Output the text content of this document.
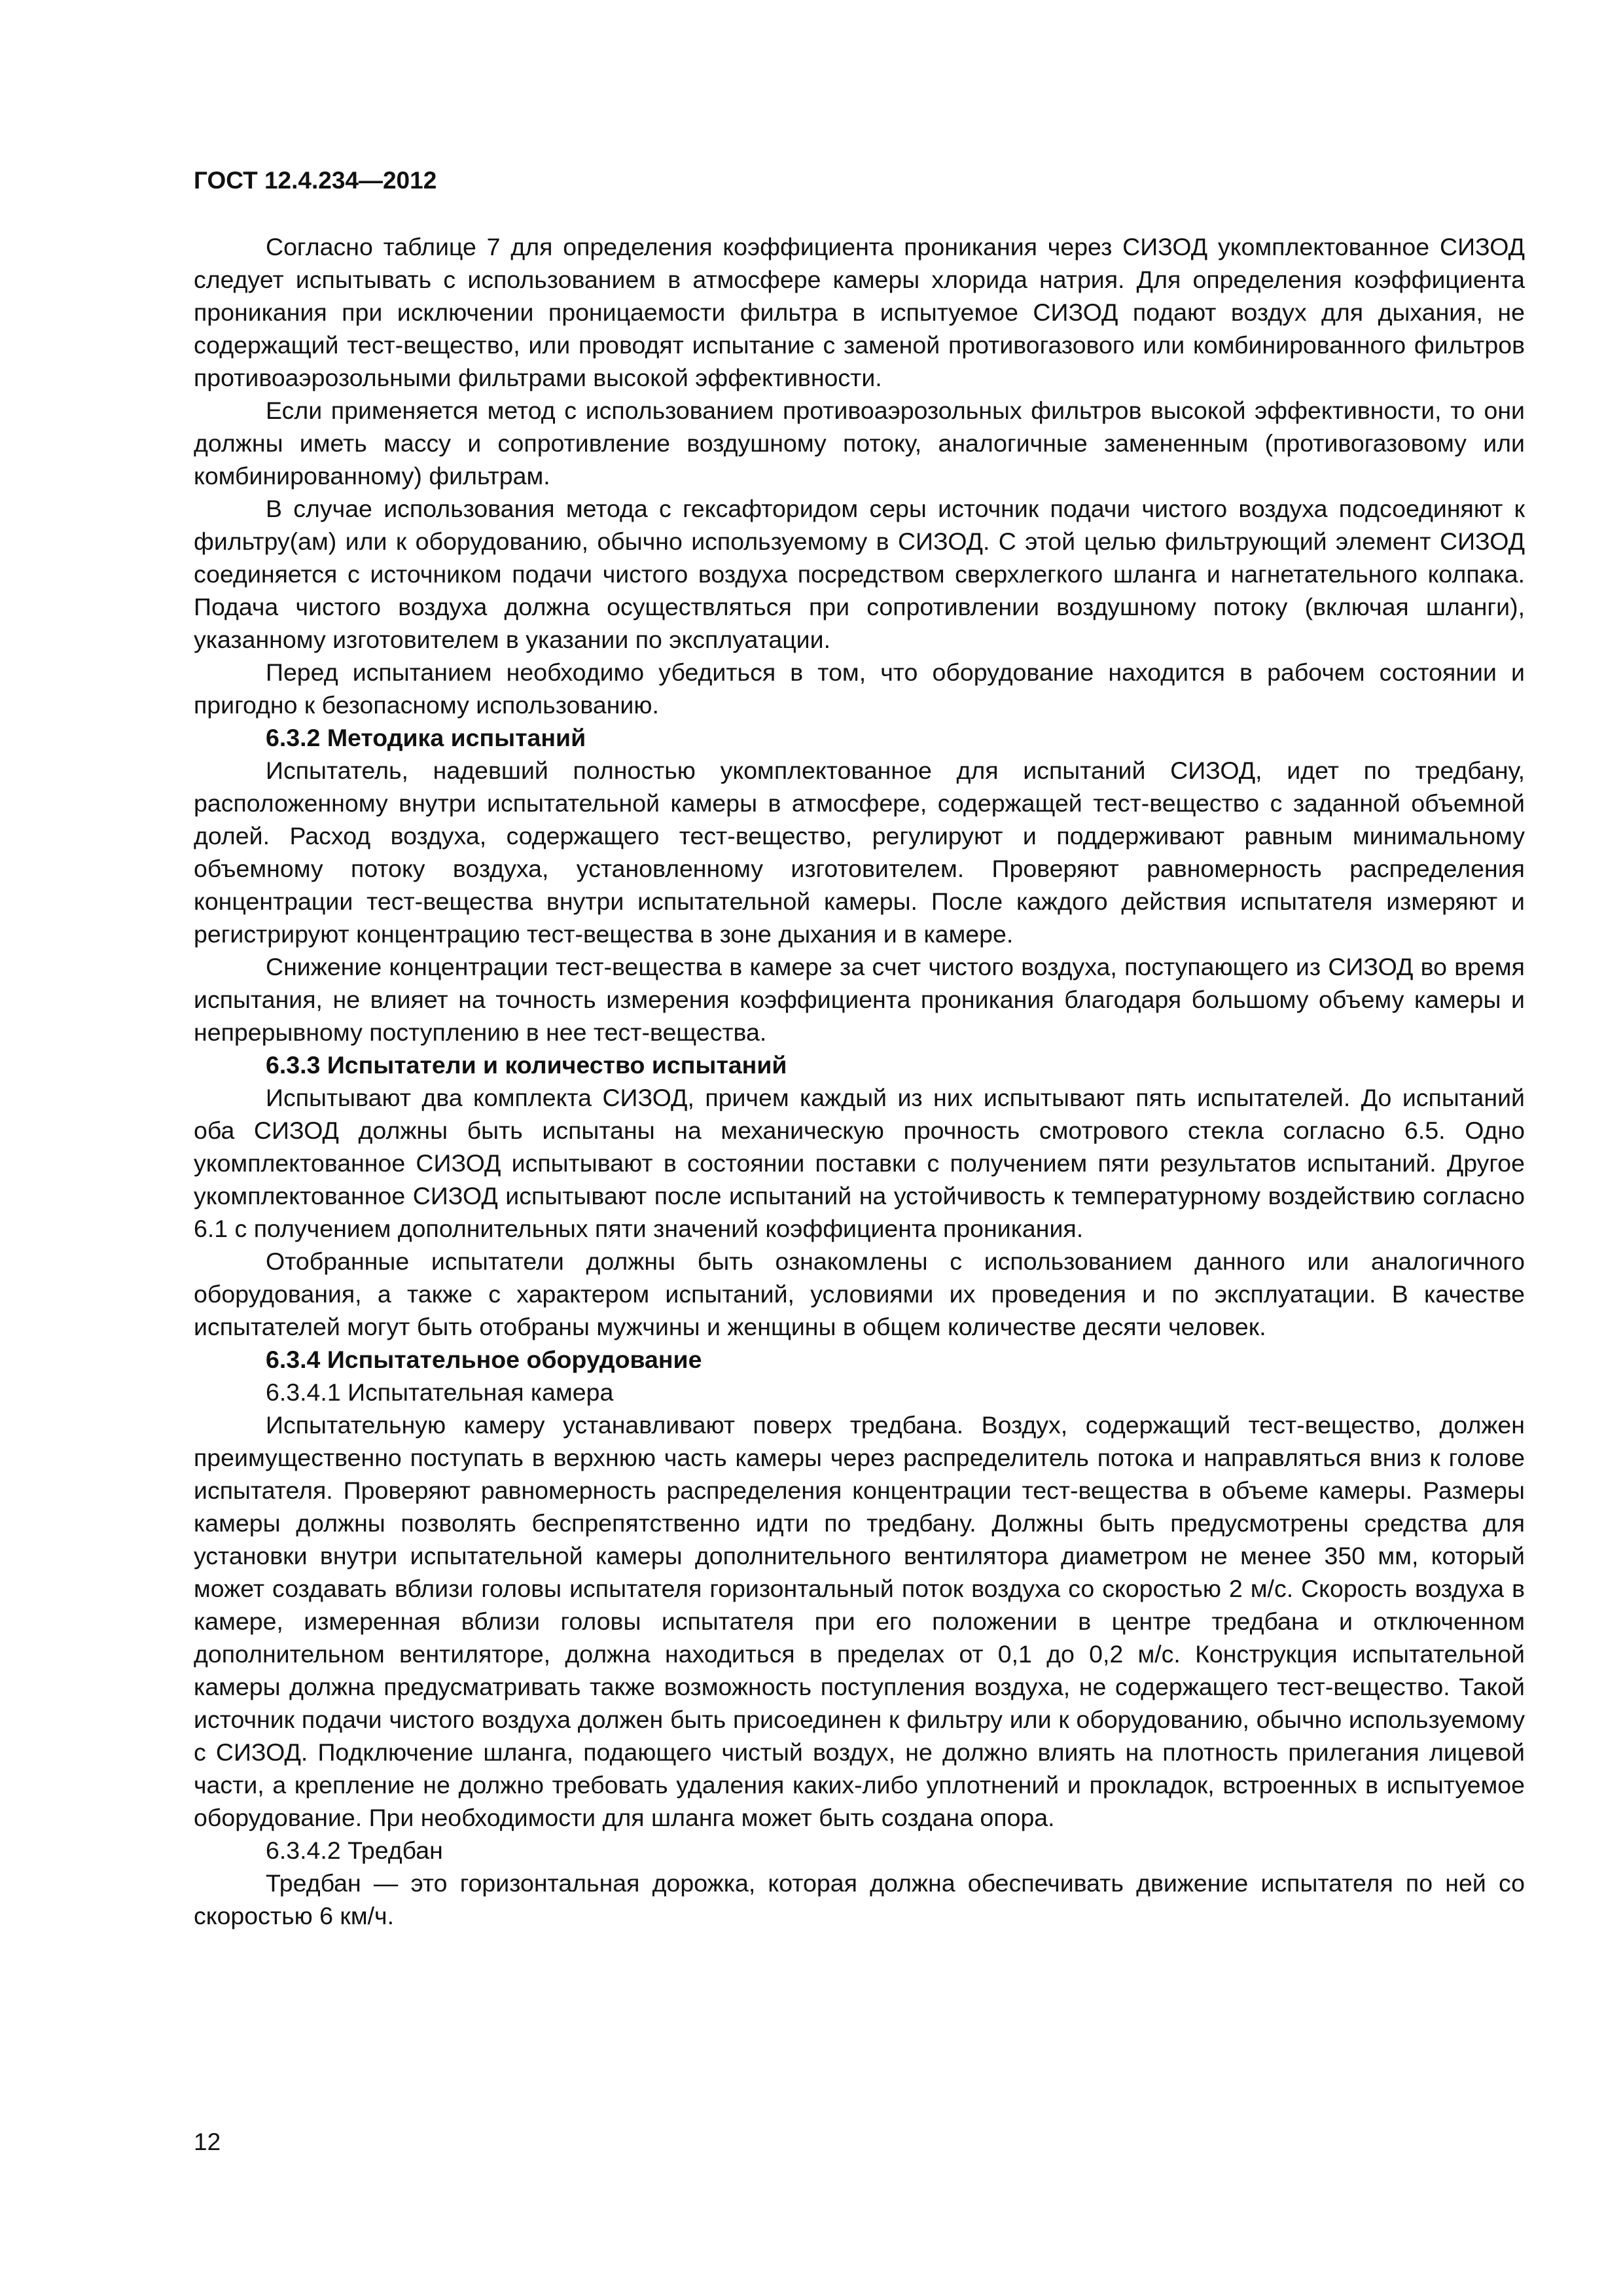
ГОСТ 12.4.234—2012

Согласно таблице 7 для определения коэффициента проникания через СИЗОД укомплектованное СИЗОД следует испытывать с использованием в атмосфере камеры хлорида натрия. Для определения коэффициента проникания при исключении проницаемости фильтра в испытуемое СИЗОД подают воздух для дыхания, не содержащий тест-вещество, или проводят испытание с заменой противогазового или комбинированного фильтров противоаэрозольными фильтрами высокой эффективности.

Если применяется метод с использованием противоаэрозольных фильтров высокой эффективности, то они должны иметь массу и сопротивление воздушному потоку, аналогичные замененным (противогазовому или комбинированному) фильтрам.

В случае использования метода с гексафторидом серы источник подачи чистого воздуха подсоединяют к фильтру(ам) или к оборудованию, обычно используемому в СИЗОД. С этой целью фильтрующий элемент СИЗОД соединяется с источником подачи чистого воздуха посредством сверхлегкого шланга и нагнетательного колпака. Подача чистого воздуха должна осуществляться при сопротивлении воздушному потоку (включая шланги), указанному изготовителем в указании по эксплуатации.

Перед испытанием необходимо убедиться в том, что оборудование находится в рабочем состоянии и пригодно к безопасному использованию.

6.3.2 Методика испытаний

Испытатель, надевший полностью укомплектованное для испытаний СИЗОД, идет по тредбану, расположенному внутри испытательной камеры в атмосфере, содержащей тест-вещество с заданной объемной долей. Расход воздуха, содержащего тест-вещество, регулируют и поддерживают равным минимальному объемному потоку воздуха, установленному изготовителем. Проверяют равномерность распределения концентрации тест-вещества внутри испытательной камеры. После каждого действия испытателя измеряют и регистрируют концентрацию тест-вещества в зоне дыхания и в камере.

Снижение концентрации тест-вещества в камере за счет чистого воздуха, поступающего из СИЗОД во время испытания, не влияет на точность измерения коэффициента проникания благодаря большому объему камеры и непрерывному поступлению в нее тест-вещества.

6.3.3 Испытатели и количество испытаний

Испытывают два комплекта СИЗОД, причем каждый из них испытывают пять испытателей. До испытаний оба СИЗОД должны быть испытаны на механическую прочность смотрового стекла согласно 6.5. Одно укомплектованное СИЗОД испытывают в состоянии поставки с получением пяти результатов испытаний. Другое укомплектованное СИЗОД испытывают после испытаний на устойчивость к температурному воздействию согласно 6.1 с получением дополнительных пяти значений коэффициента проникания.

Отобранные испытатели должны быть ознакомлены с использованием данного или аналогичного оборудования, а также с характером испытаний, условиями их проведения и по эксплуатации. В качестве испытателей могут быть отобраны мужчины и женщины в общем количестве десяти человек.

6.3.4 Испытательное оборудование
6.3.4.1 Испытательная камера

Испытательную камеру устанавливают поверх тредбана. Воздух, содержащий тест-вещество, должен преимущественно поступать в верхнюю часть камеры через распределитель потока и направляться вниз к голове испытателя. Проверяют равномерность распределения концентрации тест-вещества в объеме камеры. Размеры камеры должны позволять беспрепятственно идти по тредбану. Должны быть предусмотрены средства для установки внутри испытательной камеры дополнительного вентилятора диаметром не менее 350 мм, который может создавать вблизи головы испытателя горизонтальный поток воздуха со скоростью 2 м/с. Скорость воздуха в камере, измеренная вблизи головы испытателя при его положении в центре тредбана и отключенном дополнительном вентиляторе, должна находиться в пределах от 0,1 до 0,2 м/с. Конструкция испытательной камеры должна предусматривать также возможность поступления воздуха, не содержащего тест-вещество. Такой источник подачи чистого воздуха должен быть присоединен к фильтру или к оборудованию, обычно используемому с СИЗОД. Подключение шланга, подающего чистый воздух, не должно влиять на плотность прилегания лицевой части, а крепление не должно требовать удаления каких-либо уплотнений и прокладок, встроенных в испытуемое оборудование. При необходимости для шланга может быть создана опора.

6.3.4.2 Тредбан

Тредбан — это горизонтальная дорожка, которая должна обеспечивать движение испытателя по ней со скоростью 6 км/ч.

12
